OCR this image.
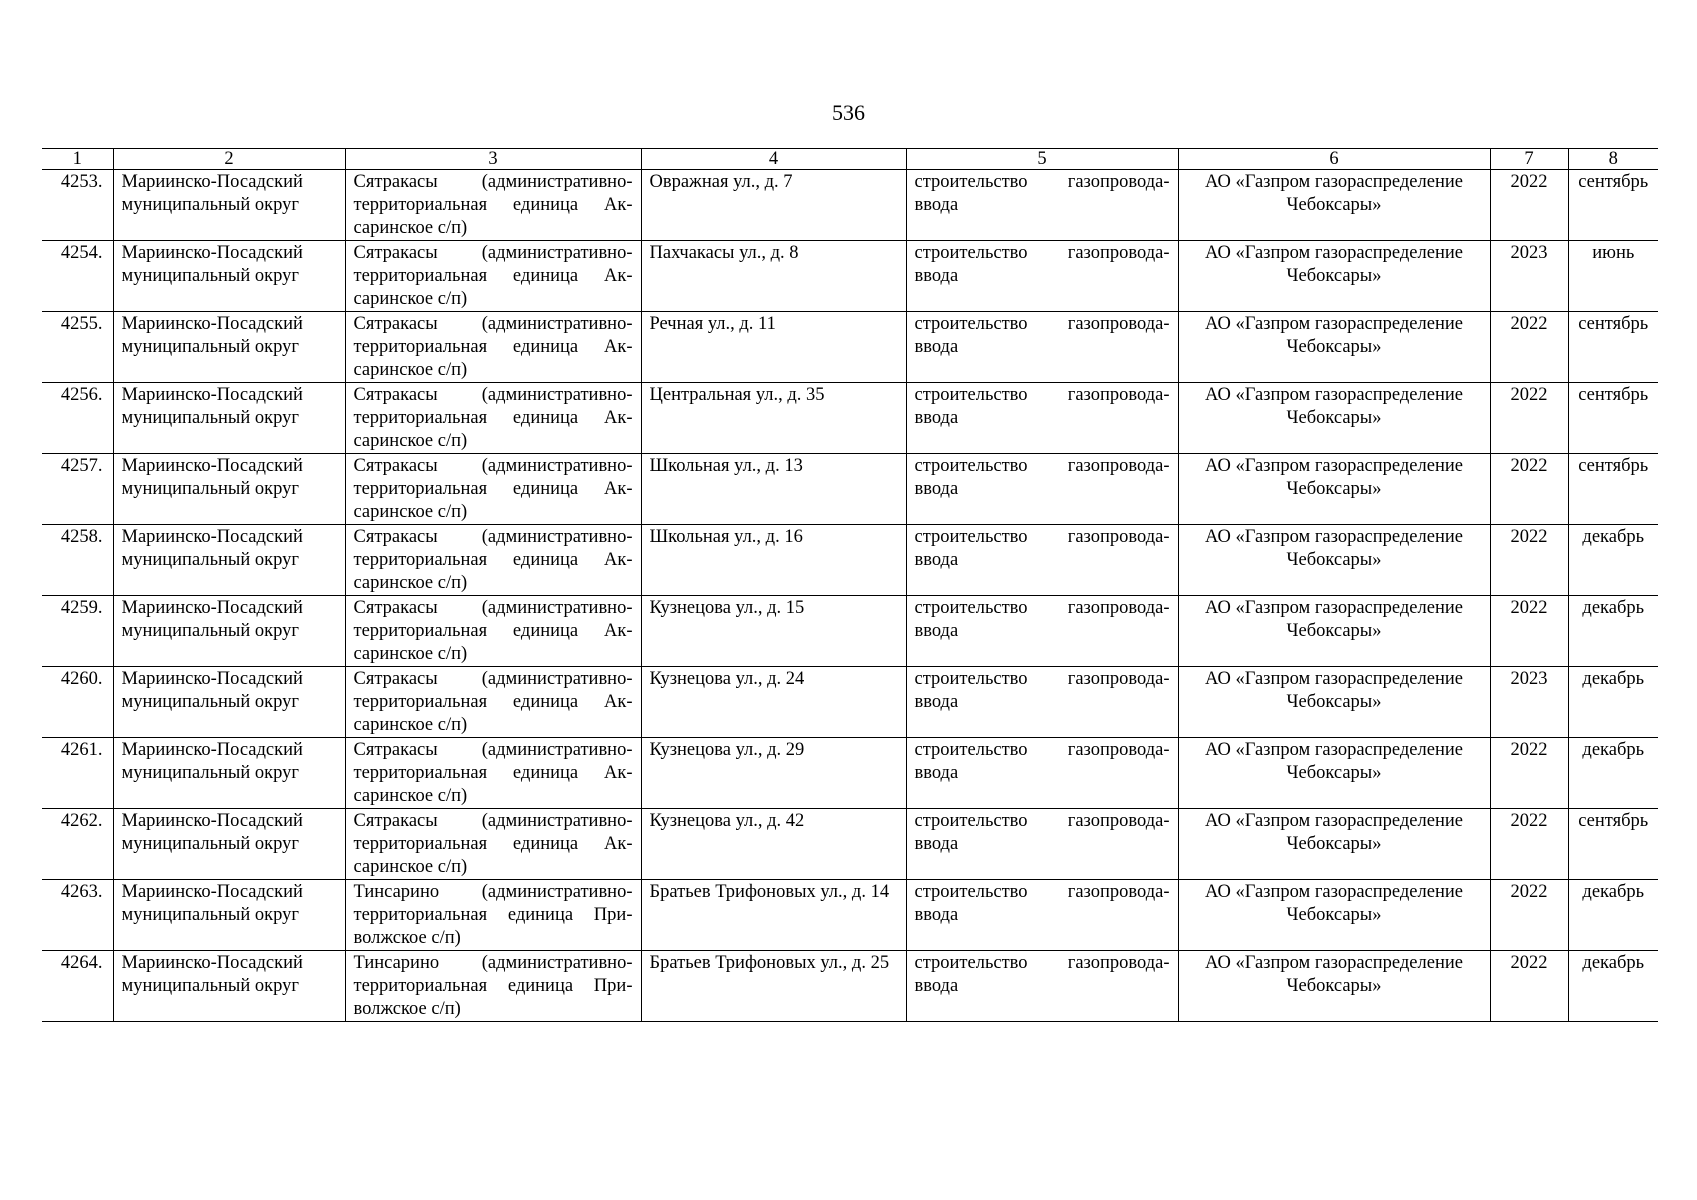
536
1	2	3	4	5	6	7	8
4253.	Мариинско-Посадский муниципальный округ	Сятракасы (административно-территориальная единица Аксаринское с/п)	Овражная ул., д. 7	строительство газопровода-ввода	АО «Газпром газораспределение Чебоксары»	2022	сентябрь
4254.	Мариинско-Посадский муниципальный округ	Сятракасы (административно-территориальная единица Аксаринское с/п)	Пахчакасы ул., д. 8	строительство газопровода-ввода	АО «Газпром газораспределение Чебоксары»	2023	июнь
4255.	Мариинско-Посадский муниципальный округ	Сятракасы (административно-территориальная единица Аксаринское с/п)	Речная ул., д. 11	строительство газопровода-ввода	АО «Газпром газораспределение Чебоксары»	2022	сентябрь
4256.	Мариинско-Посадский муниципальный округ	Сятракасы (административно-территориальная единица Аксаринское с/п)	Центральная ул., д. 35	строительство газопровода-ввода	АО «Газпром газораспределение Чебоксары»	2022	сентябрь
4257.	Мариинско-Посадский муниципальный округ	Сятракасы (административно-территориальная единица Аксаринское с/п)	Школьная ул., д. 13	строительство газопровода-ввода	АО «Газпром газораспределение Чебоксары»	2022	сентябрь
4258.	Мариинско-Посадский муниципальный округ	Сятракасы (административно-территориальная единица Аксаринское с/п)	Школьная ул., д. 16	строительство газопровода-ввода	АО «Газпром газораспределение Чебоксары»	2022	декабрь
4259.	Мариинско-Посадский муниципальный округ	Сятракасы (административно-территориальная единица Аксаринское с/п)	Кузнецова ул., д. 15	строительство газопровода-ввода	АО «Газпром газораспределение Чебоксары»	2022	декабрь
4260.	Мариинско-Посадский муниципальный округ	Сятракасы (административно-территориальная единица Аксаринское с/п)	Кузнецова ул., д. 24	строительство газопровода-ввода	АО «Газпром газораспределение Чебоксары»	2023	декабрь
4261.	Мариинско-Посадский муниципальный округ	Сятракасы (административно-территориальная единица Аксаринское с/п)	Кузнецова ул., д. 29	строительство газопровода-ввода	АО «Газпром газораспределение Чебоксары»	2022	декабрь
4262.	Мариинско-Посадский муниципальный округ	Сятракасы (административно-территориальная единица Аксаринское с/п)	Кузнецова ул., д. 42	строительство газопровода-ввода	АО «Газпром газораспределение Чебоксары»	2022	сентябрь
4263.	Мариинско-Посадский муниципальный округ	Тинсарино (административно-территориальная единица Приволжское с/п)	Братьев Трифоновых ул., д. 14	строительство газопровода-ввода	АО «Газпром газораспределение Чебоксары»	2022	декабрь
4264.	Мариинско-Посадский муниципальный округ	Тинсарино (административно-территориальная единица Приволжское с/п)	Братьев Трифоновых ул., д. 25	строительство газопровода-ввода	АО «Газпром газораспределение Чебоксары»	2022	декабрь
